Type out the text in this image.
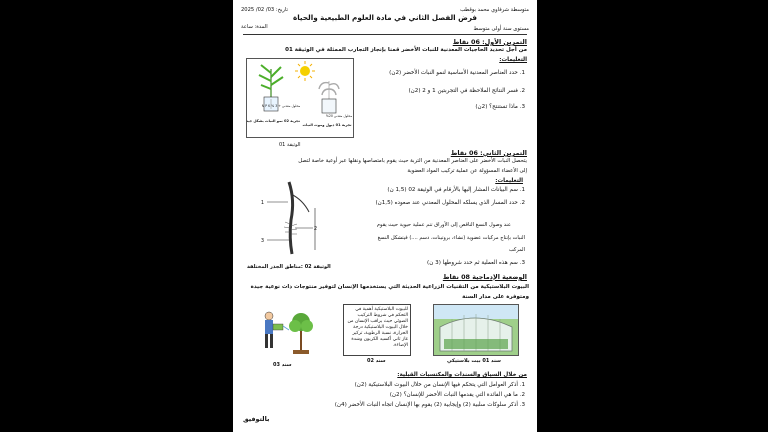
متوسطة شرفاوي محمد بوقطب
تاريخ: 03/ 02/ 2025
فرض الفصل الثاني في مادة العلوم الطبيعية والحياة
مستوى سنة أولى متوسط
المدة: ساعة
التمرين الأول: 06 نقاط
من أجل تحديد الحاجيات المعدنية للنبات الأخضر قمنا بإنجاز التجارب الممثلة في الوثيقة 01
التعليمات:
1. حدد العناصر المعدنية الأساسية لنمو النبات الأخضر (2ن)
2. فسر النتائج الملاحظة في التجربتين 1 و 2 (2ن)
3. ماذا تستنتج؟ (2ن)
محلول معدني + N P K % 3
محلول معدني 20%
تجربة 02 نمو النبات بشكل جيد
تجربة 01 ذبول وموت النبات
الوثيقة 01
التمرين الثاني: 06 نقاط
يتحصل النبات الأخضر على العناصر المعدنية من التربة حيث يقوم بامتصاصها ونقلها عبر أوعية خاصة لتصل
إلى الأعضاء المسؤولة عن عملية تركيب المواد العضوية
التعليمات:
1. سم البيانات المشار إليها بالأرقام في الوثيقة 02 (1,5 ن)
2. حدد المسار الذي يسلكه المحلول المعدني عند صعوده (1,5ن)
عند وصول النسغ الناقص إلى الأوراق تتم عملية حيوية حيث يقوم
النبات بإنتاج مركبات عضوية (نشاء، بروتينات، دسم ....) فيتشكل النسغ
المركب
3. سم هذه العملية ثم حدد شروطها (3 ن)
1
2
3
الوثيقة 02 :مناطق الجذر المختلفة
الوضعية الإدماجية 08 نقاط
البيوت البلاستيكية من التقنيات الزراعية الحديثة التي يستخدمها الإنسان لتوفير منتوجات ذات نوعية جيدة
ومتوفرة على مدار السنة
سند 01 بيت بلاستيكي
للبيوت البلاستيكية أهمية في التحكم في شروط التركيب الضوئي حيث يراقب الإنسان من خلال البيوت البلاستيكية درجة الحرارة، نسبة الرطوبة، تركيز غاز ثاني أكسيد الكربون وشدة الإضاءة.
سند 02
سند 03
من خلال السياق والسندات والمكتسبات القبلية:
1. أذكر العوامل التي يتحكم فيها الإنسان من خلال البيوت البلاستيكية (2ن)
2. ما هي الفائدة التي يقدمها النبات الأخضر للإنسان؟ (2ن)
3. أذكر سلوكات سلبية (2) وإيجابية (2) يقوم بها الإنسان اتجاه النبات الأخضر (4ن)
بالتوفيق
